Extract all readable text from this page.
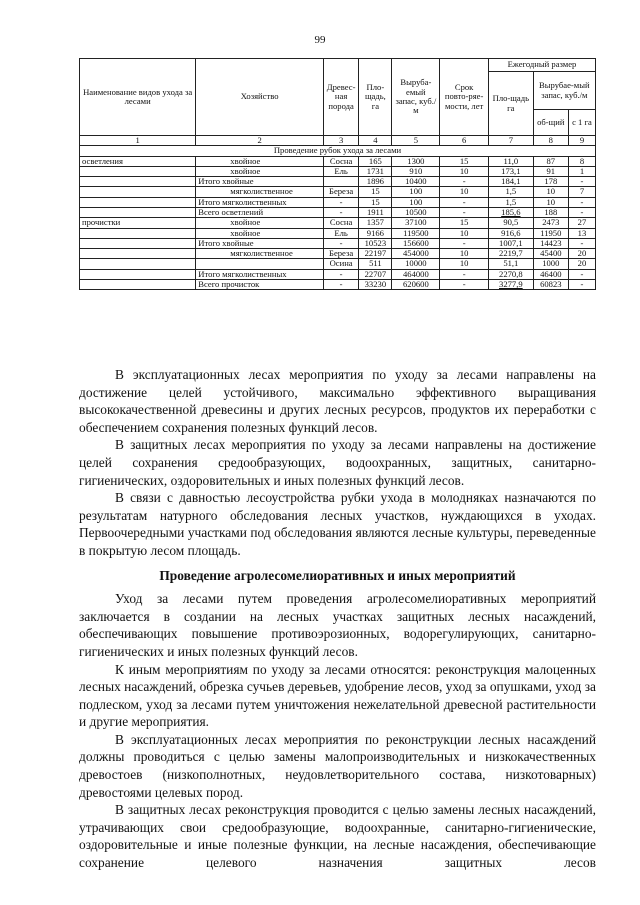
99
Наименование видов ухода за лесами	Хозяйство	Древес-ная порода	Пло-щадь, га	Выруба-емый запас, куб./м	Срок повто-ряе-мости, лет	Ежегодный размер		
						Пло-щадь га	Вырубае-мый запас, куб./м	
							об-щий	с 1 га
1	2	3	4	5	6	7	8	9
Проведение рубок ухода за лесами								
осветления	хвойное	Сосна	165	1300	15	11,0	87	8
	хвойное	Ель	1731	910	10	173,1	91	1
	Итого хвойные		1896	10400	-	184,1	178	-
	мягколиственное	Береза	15	100	10	1,5	10	7
	Итого мягколиственных	-	15	100	-	1,5	10	-
	Всего осветлений	-	1911	10500	-	185,6	188	-
прочистки	хвойное	Сосна	1357	37100	15	90,5	2473	27
	хвойное	Ель	9166	119500	10	916,6	11950	13
	Итого хвойные	-	10523	156600	-	1007,1	14423	-
	мягколиственное	Береза	22197	454000	10	2219,7	45400	20
		Осина	511	10000	10	51,1	1000	20
	Итого мягколиственных	-	22707	464000	-	2270,8	46400	-
	Всего прочисток	-	33230	620600	-	3277,9	60823	-

В эксплуатационных лесах мероприятия по уходу за лесами направлены на достижение целей устойчивого, максимально эффективного выращивания высококачественной древесины и других лесных ресурсов, продуктов их переработки с обеспечением сохранения полезных функций лесов.

В защитных лесах мероприятия по уходу за лесами направлены на достижение целей сохранения средообразующих, водоохранных, защитных, санитарно-гигиенических, оздоровительных и иных полезных функций лесов.

В связи с давностью лесоустройства рубки ухода в молодняках назначаются по результатам натурного обследования лесных участков, нуждающихся в уходах. Первоочередными участками под обследования являются лесные культуры, переведенные в покрытую лесом площадь.

Проведение агролесомелиоративных и иных мероприятий

Уход за лесами путем проведения агролесомелиоративных мероприятий заключается в создании на лесных участках защитных лесных насаждений, обеспечивающих повышение противоэрозионных, водорегулирующих, санитарно-гигиенических и иных полезных функций лесов.

К иным мероприятиям по уходу за лесами относятся: реконструкция малоценных лесных насаждений, обрезка сучьев деревьев, удобрение лесов, уход за опушками, уход за подлеском, уход за лесами путем уничтожения нежелательной древесной растительности и другие мероприятия.

В эксплуатационных лесах мероприятия по реконструкции лесных насаждений должны проводиться с целью замены малопроизводительных и низкокачественных древостоев (низкополнотных, неудовлетворительного состава, низкотоварных) древостоями целевых пород.

В защитных лесах реконструкция проводится с целью замены лесных насаждений, утрачивающих свои средообразующие, водоохранные, санитарно-гигиенические, оздоровительные и иные полезные функции, на лесные насаждения, обеспечивающие сохранение целевого назначения защитных лесов
